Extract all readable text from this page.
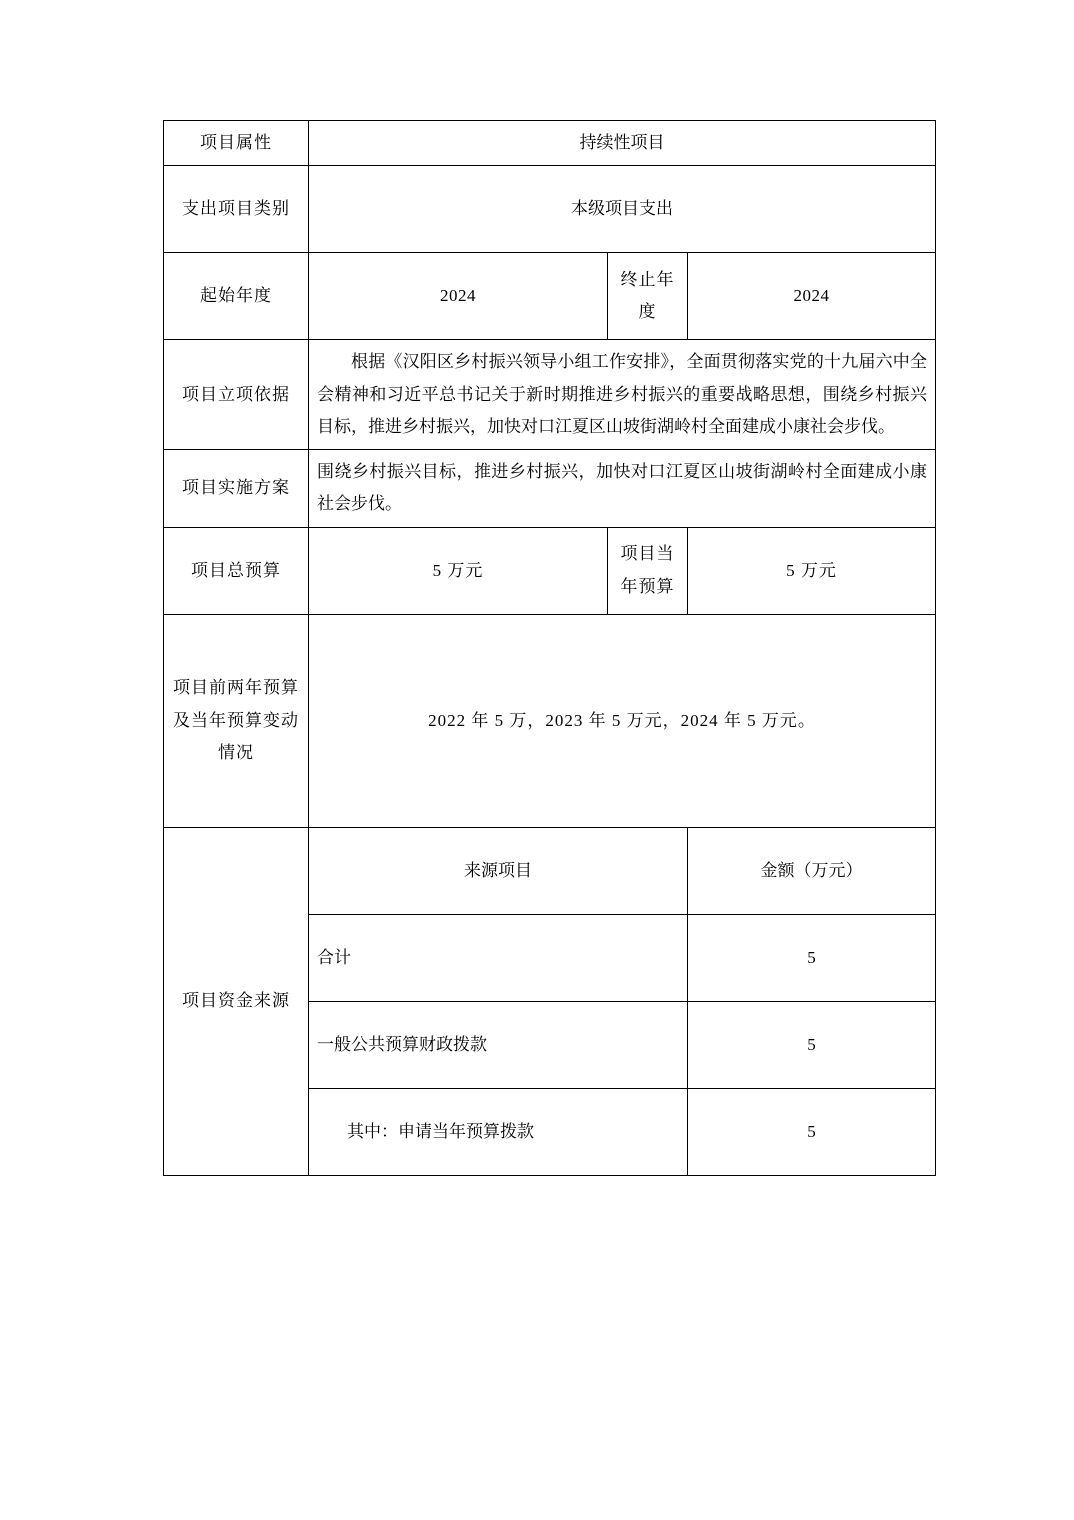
项目属性	持续性项目		
支出项目类别	本级项目支出		
起始年度	2024	终止年度	2024
项目立项依据	根据《汉阳区乡村振兴领导小组工作安排》，全面贯彻落实党的十九届六中全会精神和习近平总书记关于新时期推进乡村振兴的重要战略思想，围绕乡村振兴目标，推进乡村振兴，加快对口江夏区山坡街湖岭村全面建成小康社会步伐。		
项目实施方案	围绕乡村振兴目标，推进乡村振兴，加快对口江夏区山坡街湖岭村全面建成小康社会步伐。		
项目总预算	5 万元	项目当年预算	5 万元
项目前两年预算及当年预算变动情况	2022 年 5 万，2023 年 5 万元，2024 年 5 万元。		
项目资金来源	来源项目		金额（万元）
	合计		5
	一般公共预算财政拨款		5
	其中：申请当年预算拨款		5
